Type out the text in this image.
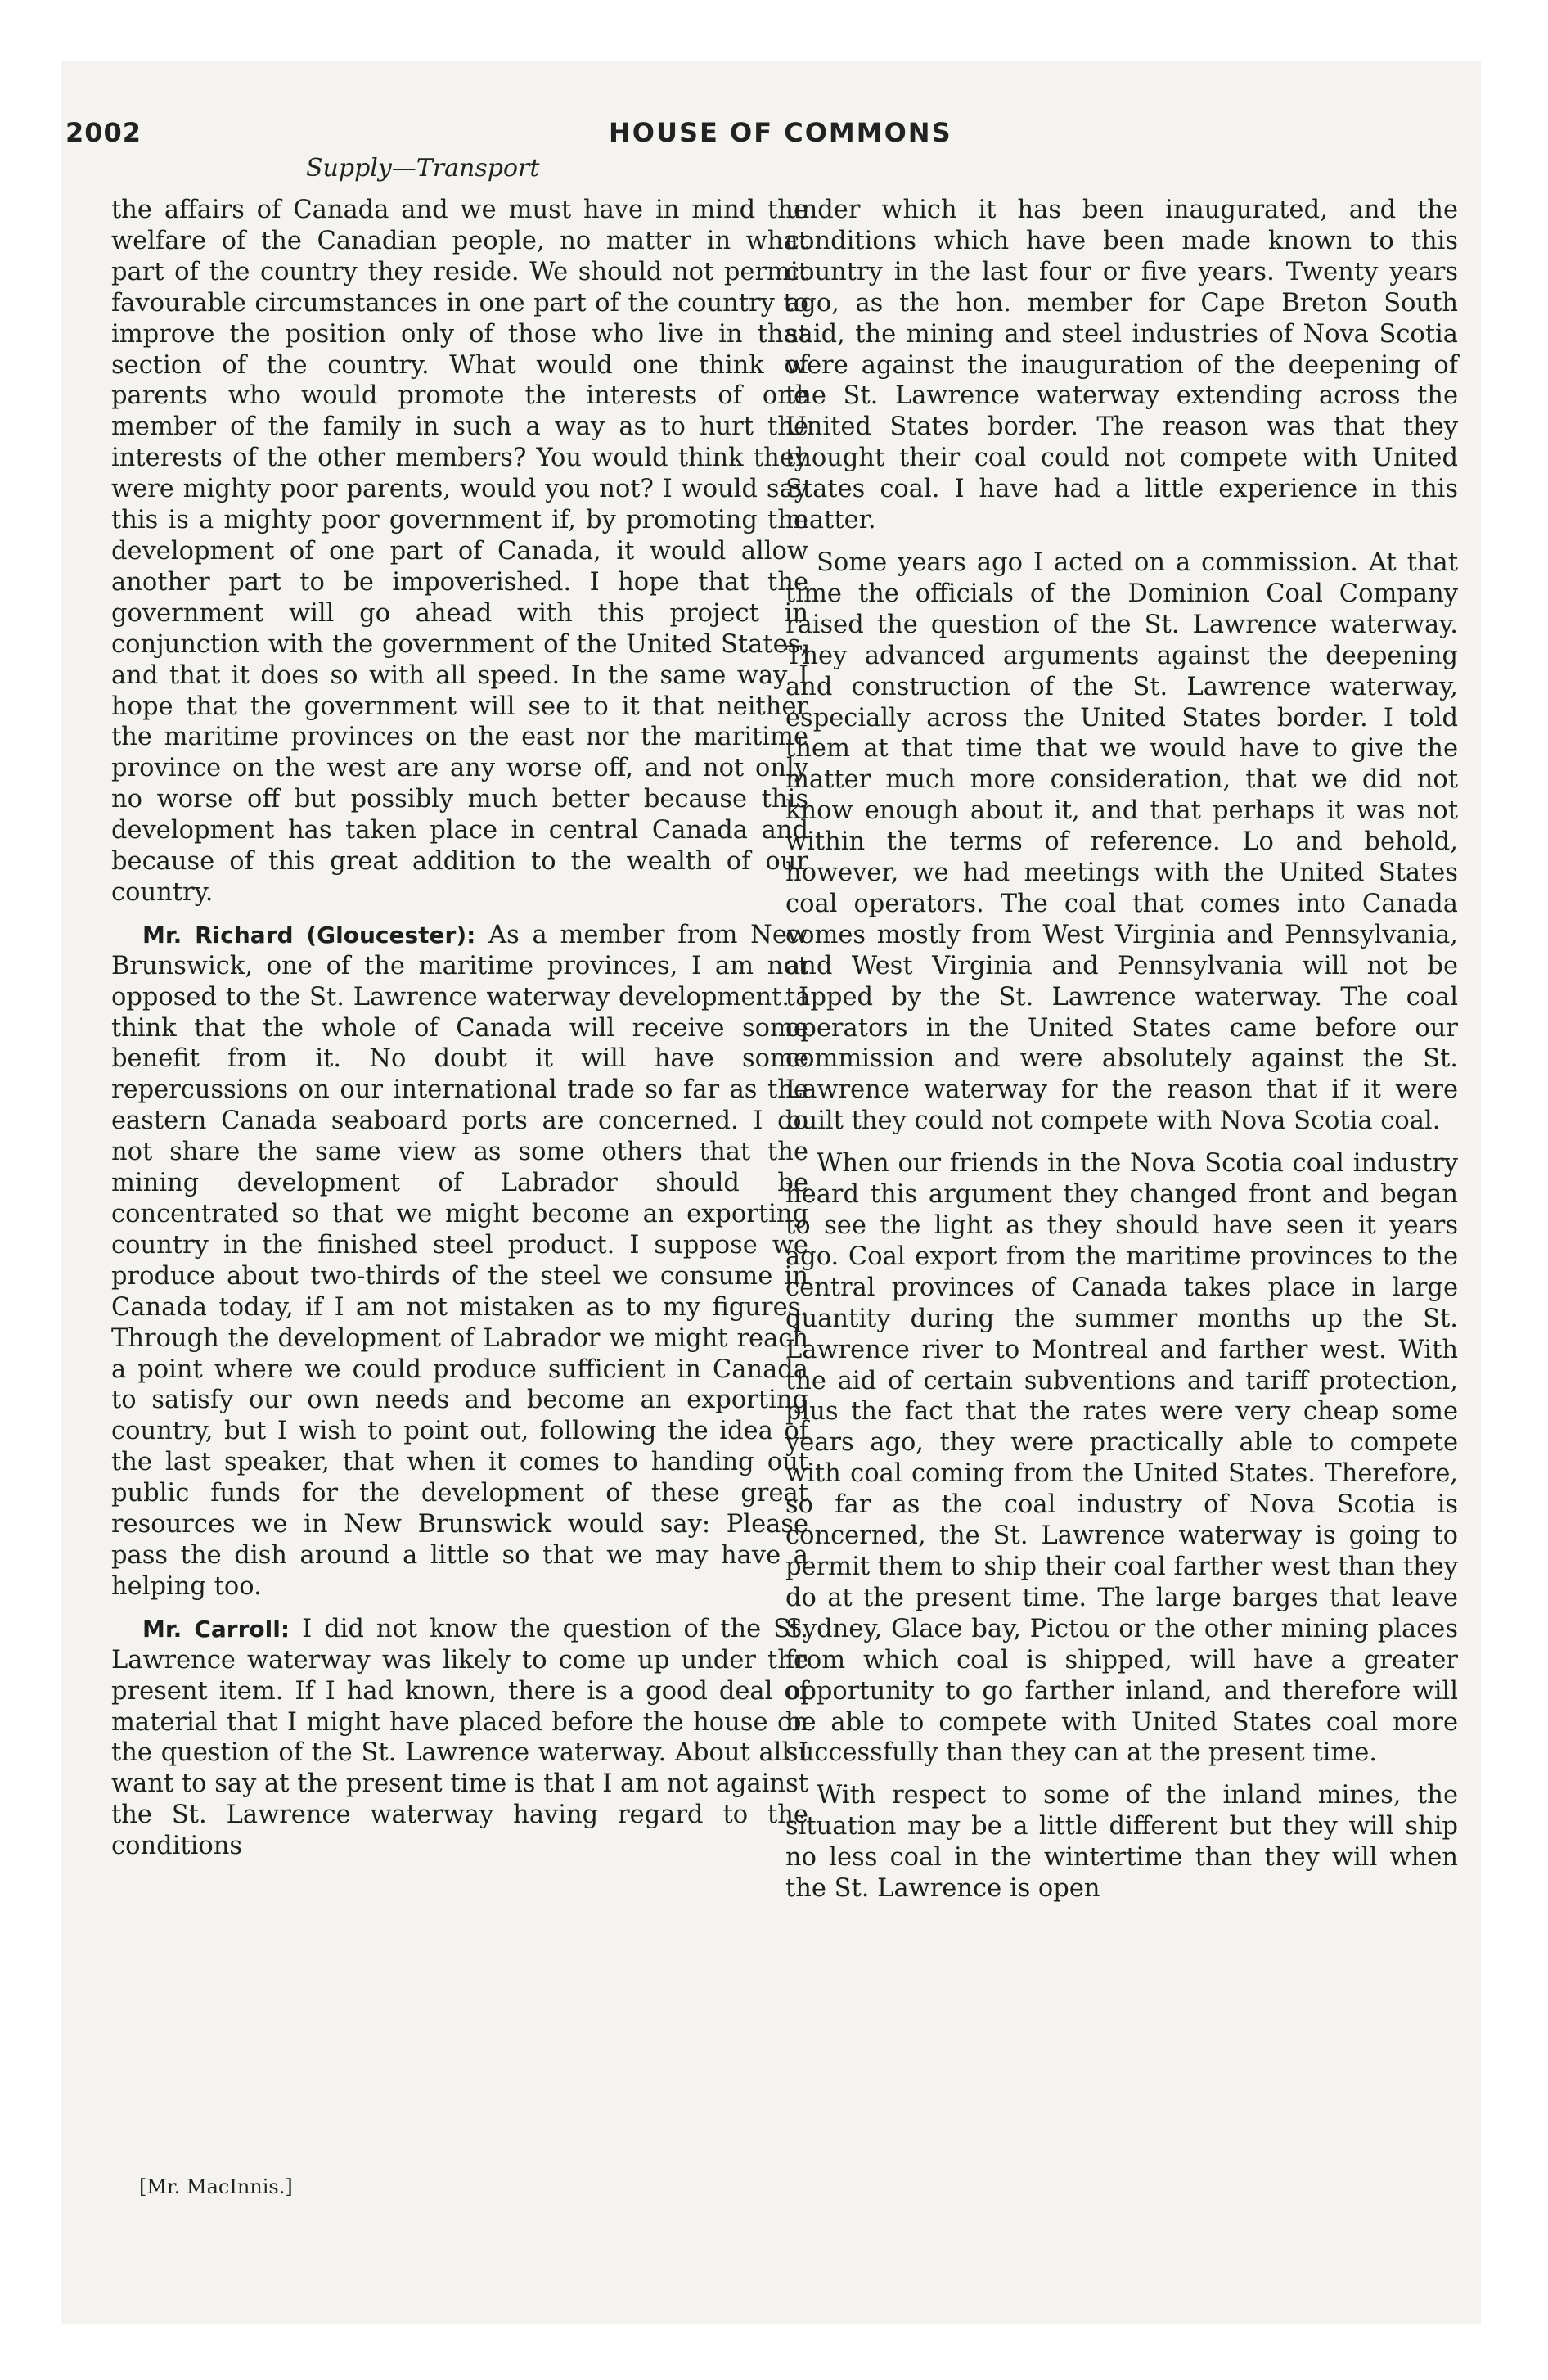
2002	HOUSE OF COMMONS
Supply—Transport

the affairs of Canada and we must have in mind the welfare of the Canadian people, no matter in what part of the country they reside. We should not permit favourable circumstances in one part of the country to improve the position only of those who live in that section of the country. What would one think of parents who would promote the interests of one member of the family in such a way as to hurt the interests of the other members? You would think they were mighty poor parents, would you not? I would say this is a mighty poor government if, by promoting the development of one part of Canada, it would allow another part to be impoverished. I hope that the government will go ahead with this project in conjunction with the government of the United States, and that it does so with all speed. In the same way I hope that the government will see to it that neither the maritime provinces on the east nor the maritime province on the west are any worse off, and not only no worse off but possibly much better because this development has taken place in central Canada and because of this great addition to the wealth of our country.

Mr. Richard (Gloucester): As a member from New Brunswick, one of the maritime provinces, I am not opposed to the St. Lawrence waterway development. I think that the whole of Canada will receive some benefit from it. No doubt it will have some repercussions on our international trade so far as the eastern Canada seaboard ports are concerned. I do not share the same view as some others that the mining development of Labrador should be concentrated so that we might become an exporting country in the finished steel product. I suppose we produce about two-thirds of the steel we consume in Canada today, if I am not mistaken as to my figures. Through the development of Labrador we might reach a point where we could produce sufficient in Canada to satisfy our own needs and become an exporting country, but I wish to point out, following the idea of the last speaker, that when it comes to handing out public funds for the development of these great resources we in New Brunswick would say: Please pass the dish around a little so that we may have a helping too.

Mr. Carroll: I did not know the question of the St. Lawrence waterway was likely to come up under the present item. If I had known, there is a good deal of material that I might have placed before the house on the question of the St. Lawrence waterway. About all I want to say at the present time is that I am not against the St. Lawrence waterway having regard to the conditions

under which it has been inaugurated, and the conditions which have been made known to this country in the last four or five years. Twenty years ago, as the hon. member for Cape Breton South said, the mining and steel industries of Nova Scotia were against the inauguration of the deepening of the St. Lawrence waterway extending across the United States border. The reason was that they thought their coal could not compete with United States coal. I have had a little experience in this matter.

Some years ago I acted on a commission. At that time the officials of the Dominion Coal Company raised the question of the St. Lawrence waterway. They advanced arguments against the deepening and construction of the St. Lawrence waterway, especially across the United States border. I told them at that time that we would have to give the matter much more consideration, that we did not know enough about it, and that perhaps it was not within the terms of reference. Lo and behold, however, we had meetings with the United States coal operators. The coal that comes into Canada comes mostly from West Virginia and Pennsylvania, and West Virginia and Pennsylvania will not be tapped by the St. Lawrence waterway. The coal operators in the United States came before our commission and were absolutely against the St. Lawrence waterway for the reason that if it were built they could not compete with Nova Scotia coal.

When our friends in the Nova Scotia coal industry heard this argument they changed front and began to see the light as they should have seen it years ago. Coal export from the maritime provinces to the central provinces of Canada takes place in large quantity during the summer months up the St. Lawrence river to Montreal and farther west. With the aid of certain subventions and tariff protection, plus the fact that the rates were very cheap some years ago, they were practically able to compete with coal coming from the United States. Therefore, so far as the coal industry of Nova Scotia is concerned, the St. Lawrence waterway is going to permit them to ship their coal farther west than they do at the present time. The large barges that leave Sydney, Glace bay, Pictou or the other mining places from which coal is shipped, will have a greater opportunity to go farther inland, and therefore will be able to compete with United States coal more successfully than they can at the present time.

With respect to some of the inland mines, the situation may be a little different but they will ship no less coal in the wintertime than they will when the St. Lawrence is open

[Mr. MacInnis.]
